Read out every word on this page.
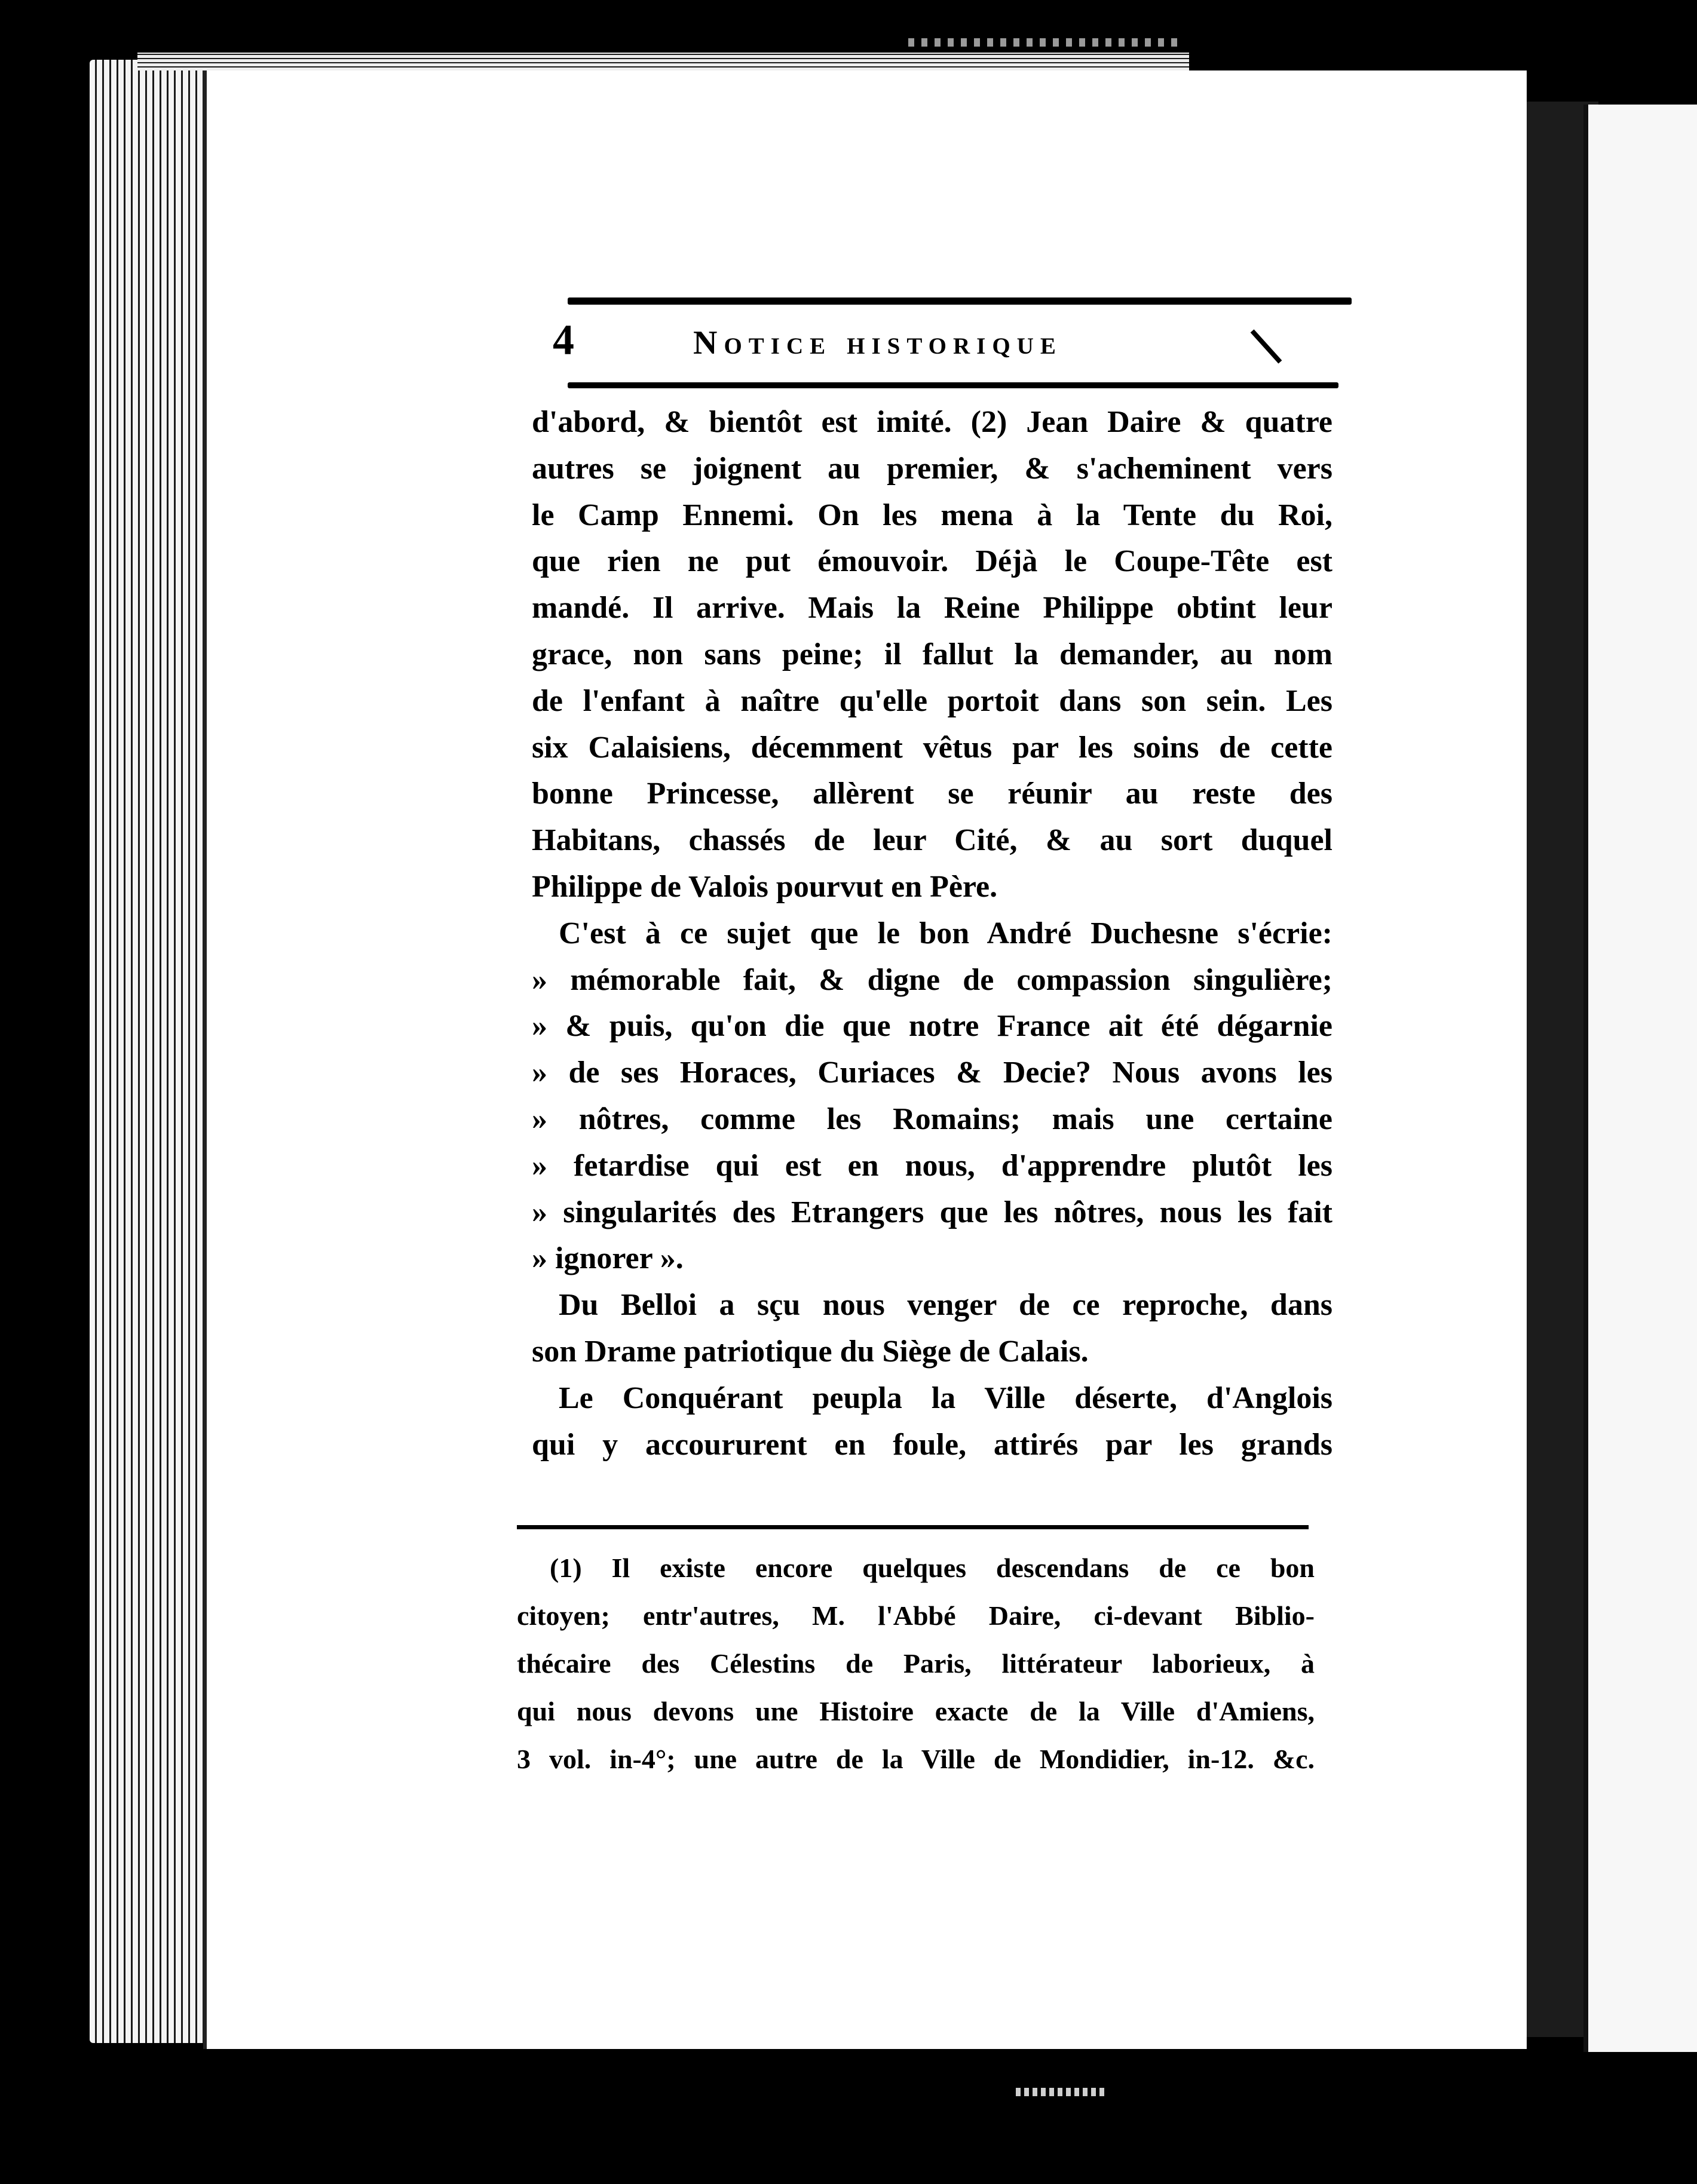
4	Notice historique
d'abord, & bientôt est imité. (2) Jean Daire & quatre
autres se joignent au premier, & s'acheminent vers
le Camp Ennemi. On les mena à la Tente du Roi,
que rien ne put émouvoir. Déjà le Coupe-Tête est
mandé. Il arrive. Mais la Reine Philippe obtint leur
grace, non sans peine; il fallut la demander, au nom
de l'enfant à naître qu'elle portoit dans son sein. Les
six Calaisiens, décemment vêtus par les soins de cette
bonne Princesse, allèrent se réunir au reste des
Habitans, chassés de leur Cité, & au sort duquel
Philippe de Valois pourvut en Père.
C'est à ce sujet que le bon André Duchesne s'écrie:
» mémorable fait, & digne de compassion singulière;
» & puis, qu'on die que notre France ait été dégarnie
» de ses Horaces, Curiaces & Decie? Nous avons les
» nôtres, comme les Romains; mais une certaine
» fetardise qui est en nous, d'apprendre plutôt les
» singularités des Etrangers que les nôtres, nous les fait
» ignorer ».
Du Belloi a sçu nous venger de ce reproche, dans
son Drame patriotique du Siège de Calais.
Le Conquérant peupla la Ville déserte, d'Anglois
qui y accoururent en foule, attirés par les grands
(1) Il existe encore quelques descendans de ce bon
citoyen; entr'autres, M. l'Abbé Daire, ci-devant Biblio-
thécaire des Célestins de Paris, littérateur laborieux, à
qui nous devons une Histoire exacte de la Ville d'Amiens,
3 vol. in-4°; une autre de la Ville de Mondidier, in-12. &c.
